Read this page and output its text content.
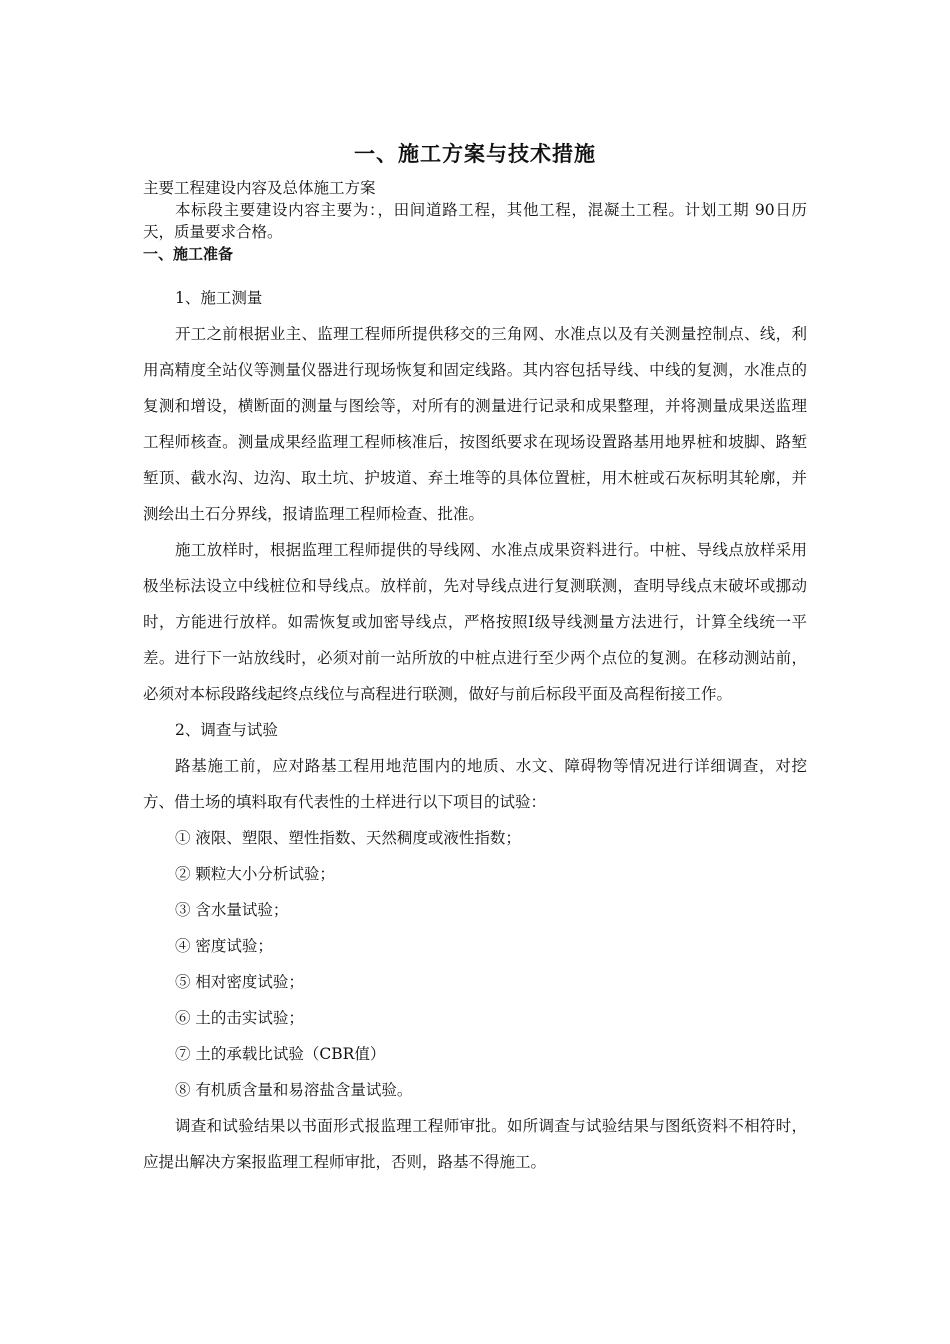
一、施工方案与技术措施

主要工程建设内容及总体施工方案

本标段主要建设内容主要为：，田间道路工程，其他工程，混凝土工程。计划工期 90日历天，质量要求合格。

一、施工准备

1、施工测量

开工之前根据业主、监理工程师所提供移交的三角网、水准点以及有关测量控制点、线，利用高精度全站仪等测量仪器进行现场恢复和固定线路。其内容包括导线、中线的复测，水准点的复测和增设，横断面的测量与图绘等，对所有的测量进行记录和成果整理，并将测量成果送监理工程师核查。测量成果经监理工程师核准后，按图纸要求在现场设置路基用地界桩和坡脚、路堑堑顶、截水沟、边沟、取土坑、护坡道、弃土堆等的具体位置桩，用木桩或石灰标明其轮廓，并测绘出土石分界线，报请监理工程师检查、批准。

施工放样时，根据监理工程师提供的导线网、水准点成果资料进行。中桩、导线点放样采用极坐标法设立中线桩位和导线点。放样前，先对导线点进行复测联测，查明导线点末破坏或挪动时，方能进行放样。如需恢复或加密导线点，严格按照Ⅰ级导线测量方法进行，计算全线统一平差。进行下一站放线时，必须对前一站所放的中桩点进行至少两个点位的复测。在移动测站前，必须对本标段路线起终点线位与高程进行联测，做好与前后标段平面及高程衔接工作。

2、调查与试验

路基施工前，应对路基工程用地范围内的地质、水文、障碍物等情况进行详细调查，对挖方、借土场的填料取有代表性的土样进行以下项目的试验：

① 液限、塑限、塑性指数、天然稠度或液性指数；

② 颗粒大小分析试验；

③ 含水量试验；

④ 密度试验；

⑤ 相对密度试验；

⑥ 土的击实试验；

⑦ 土的承载比试验（CBR值）

⑧ 有机质含量和易溶盐含量试验。

调查和试验结果以书面形式报监理工程师审批。如所调查与试验结果与图纸资料不相符时，应提出解决方案报监理工程师审批，否则，路基不得施工。
